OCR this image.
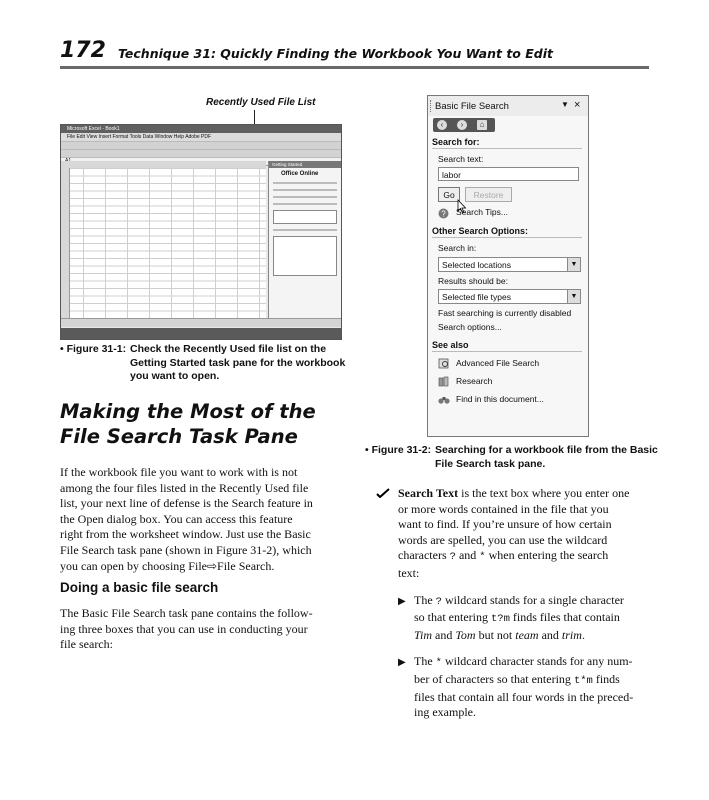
172 Technique 31: Quickly Finding the Workbook You Want to Edit
Recently Used File List
Microsoft Excel - Book1
File Edit View Insert Format Tools Data Window Help Adobe PDF
Getting Started
Office Online
• Figure 31-1: Check the Recently Used file list on the
Getting Started task pane for the workbook
you want to open.
Making the Most of the
File Search Task Pane
If the workbook file you want to work with is not
among the four files listed in the Recently Used file
list, your next line of defense is the Search feature in
the Open dialog box. You can access this feature
right from the worksheet window. Just use the Basic
File Search task pane (shown in Figure 31-2), which
you can open by choosing File⇨File Search.
Doing a basic file search
The Basic File Search task pane contains the follow-
ing three boxes that you can use in conducting your
file search:
Basic File Search	▼ ×
‹	›	⌂
Search for:
Search text:
labor
Go	Restore
? Search Tips...
Other Search Options:
Search in:
Selected locations	▼
Results should be:
Selected file types	▼
Fast searching is currently disabled
Search options...
See also
Advanced File Search
Research
Find in this document...
• Figure 31-2: Searching for a workbook file from the Basic
File Search task pane.
Search Text is the text box where you enter one
or more words contained in the file that you
want to find. If you’re unsure of how certain
words are spelled, you can use the wildcard
characters ? and * when entering the search
text:
▶ The ? wildcard stands for a single character
so that entering t?m finds files that contain
Tim and Tom but not team and trim.
▶ The * wildcard character stands for any num-
ber of characters so that entering t*m finds
files that contain all four words in the preced-
ing example.
